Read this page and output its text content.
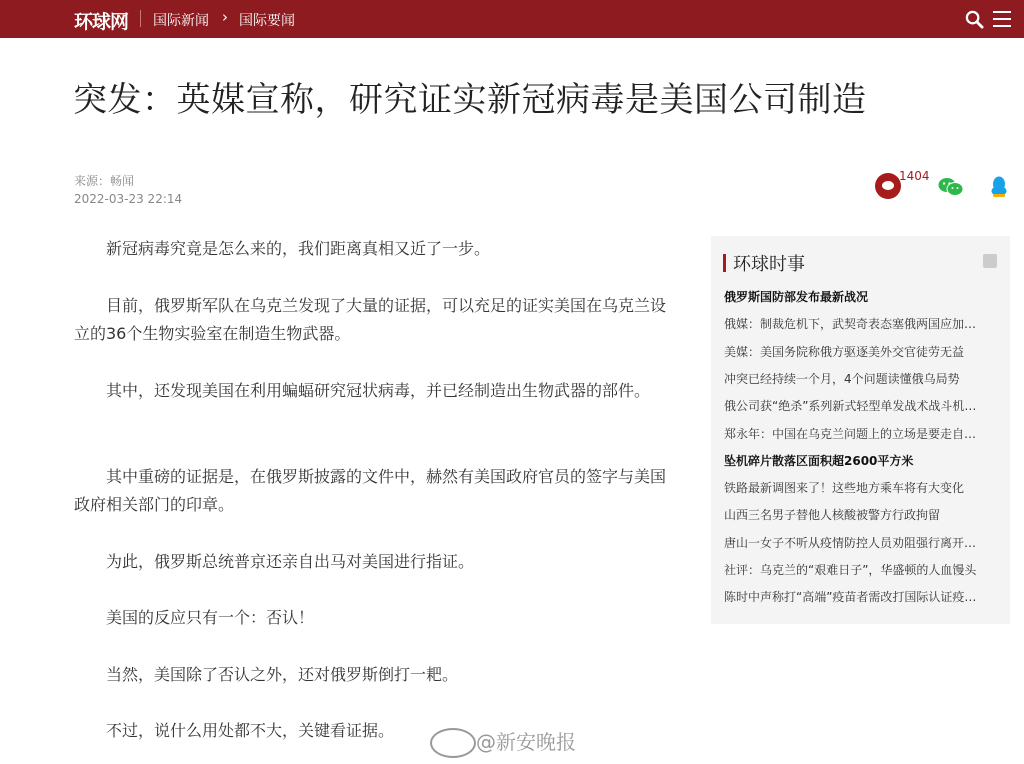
环球网 国际新闻 › 国际要闻
突发：英媒宣称，研究证实新冠病毒是美国公司制造
来源：畅闻
2022-03-23 22:14
1404

新冠病毒究竟是怎么来的，我们距离真相又近了一步。

目前，俄罗斯军队在乌克兰发现了大量的证据，可以充足的证实美国在乌克兰设立的36个生物实验室在制造生物武器。

其中，还发现美国在利用蝙蝠研究冠状病毒，并已经制造出生物武器的部件。

其中重磅的证据是，在俄罗斯披露的文件中，赫然有美国政府官员的签字与美国政府相关部门的印章。

为此，俄罗斯总统普京还亲自出马对美国进行指证。

美国的反应只有一个：否认！

当然，美国除了否认之外，还对俄罗斯倒打一耙。

不过，说什么用处都不大，关键看证据。

环球时事
俄罗斯国防部发布最新战况
俄媒：制裁危机下，武契奇表态塞俄两国应加…
美媒：美国务院称俄方驱逐美外交官徒劳无益
冲突已经持续一个月，4个问题读懂俄乌局势
俄公司获“绝杀”系列新式轻型单发战术战斗机…
郑永年：中国在乌克兰问题上的立场是要走自…
坠机碎片散落区面积超2600平方米
铁路最新调图来了！这些地方乘车将有大变化
山西三名男子替他人核酸被警方行政拘留
唐山一女子不听从疫情防控人员劝阻强行离开…
社评：乌克兰的“艰难日子”，华盛顿的人血馒头
陈时中声称打“高端”疫苗者需改打国际认证疫…
@新安晚报
